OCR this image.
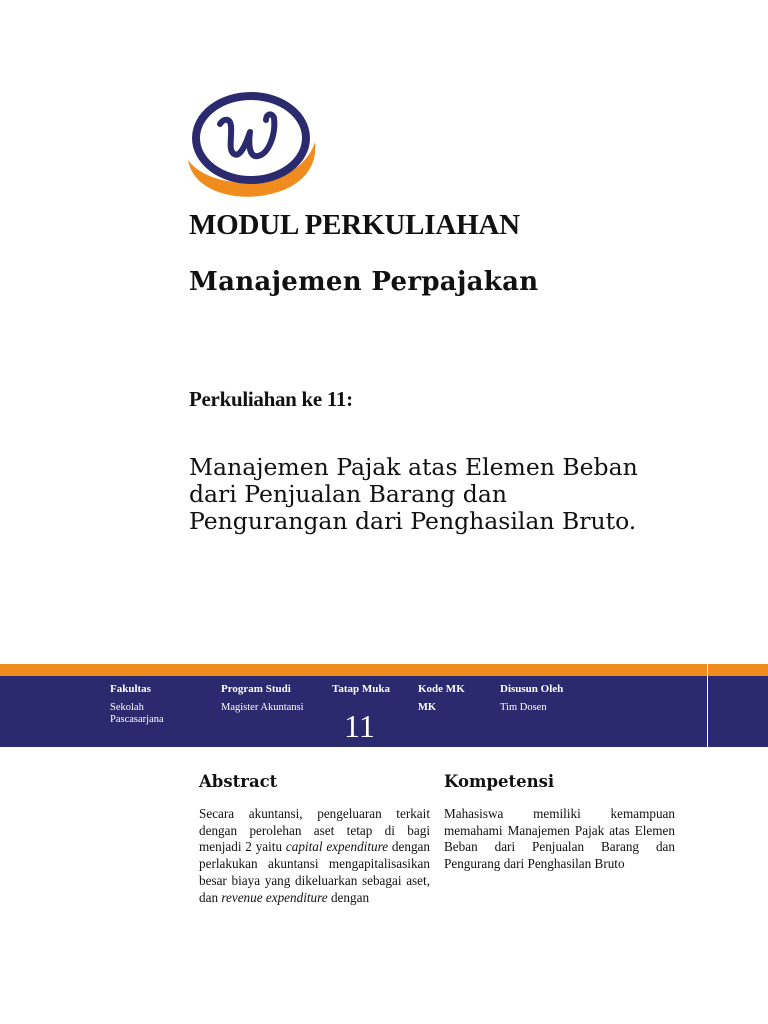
MODUL PERKULIAHAN
Manajemen Perpajakan
Perkuliahan ke 11:

Manajemen Pajak atas Elemen Beban dari Penjualan Barang dan Pengurangan dari Penghasilan Bruto.

Fakultas
Sekolah Pascasarjana
Program Studi
Magister Akuntansi
Tatap Muka	Kode MK
MK
Disusun Oleh
Tim Dosen
11
Abstract

Secara akuntansi, pengeluaran terkait dengan perolehan aset tetap di bagi menjadi 2 yaitu capital expenditure dengan perlakukan akuntansi mengapitalisasikan besar biaya yang dikeluarkan sebagai aset, dan revenue expenditure dengan

Kompetensi

Mahasiswa memiliki kemampuan memahami Manajemen Pajak atas Elemen Beban dari Penjualan Barang dan Pengurang dari Penghasilan Bruto
